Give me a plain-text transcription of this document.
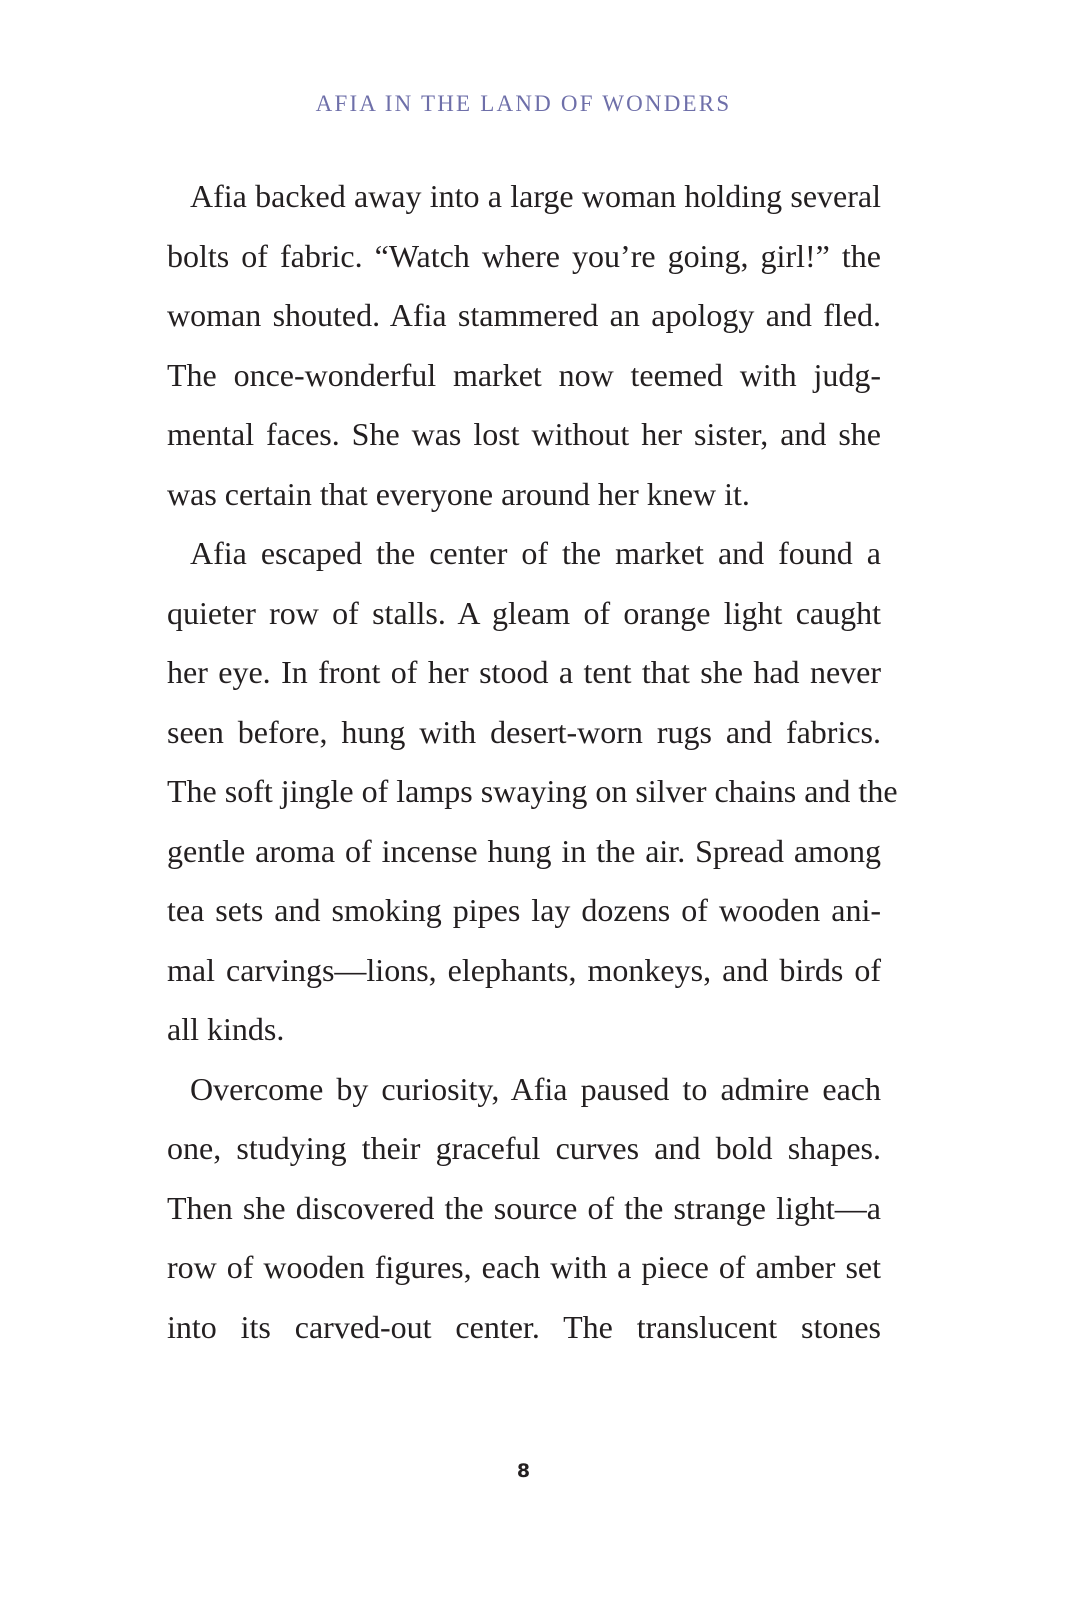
AFIA IN THE LAND OF WONDERS
Afia backed away into a large woman holding several
bolts of fabric. “Watch where you’re going, girl!” the
woman shouted. Afia stammered an apology and fled.
The once-wonderful market now teemed with judg-
mental faces. She was lost without her sister, and she
was certain that everyone around her knew it.
Afia escaped the center of the market and found a
quieter row of stalls. A gleam of orange light caught
her eye. In front of her stood a tent that she had never
seen before, hung with desert-worn rugs and fabrics.
The soft jingle of lamps swaying on silver chains and the
gentle aroma of incense hung in the air. Spread among
tea sets and smoking pipes lay dozens of wooden ani-
mal carvings—lions, elephants, monkeys, and birds of
all kinds.
Overcome by curiosity, Afia paused to admire each
one, studying their graceful curves and bold shapes.
Then she discovered the source of the strange light—a
row of wooden figures, each with a piece of amber set
into its carved-out center. The translucent stones
8
